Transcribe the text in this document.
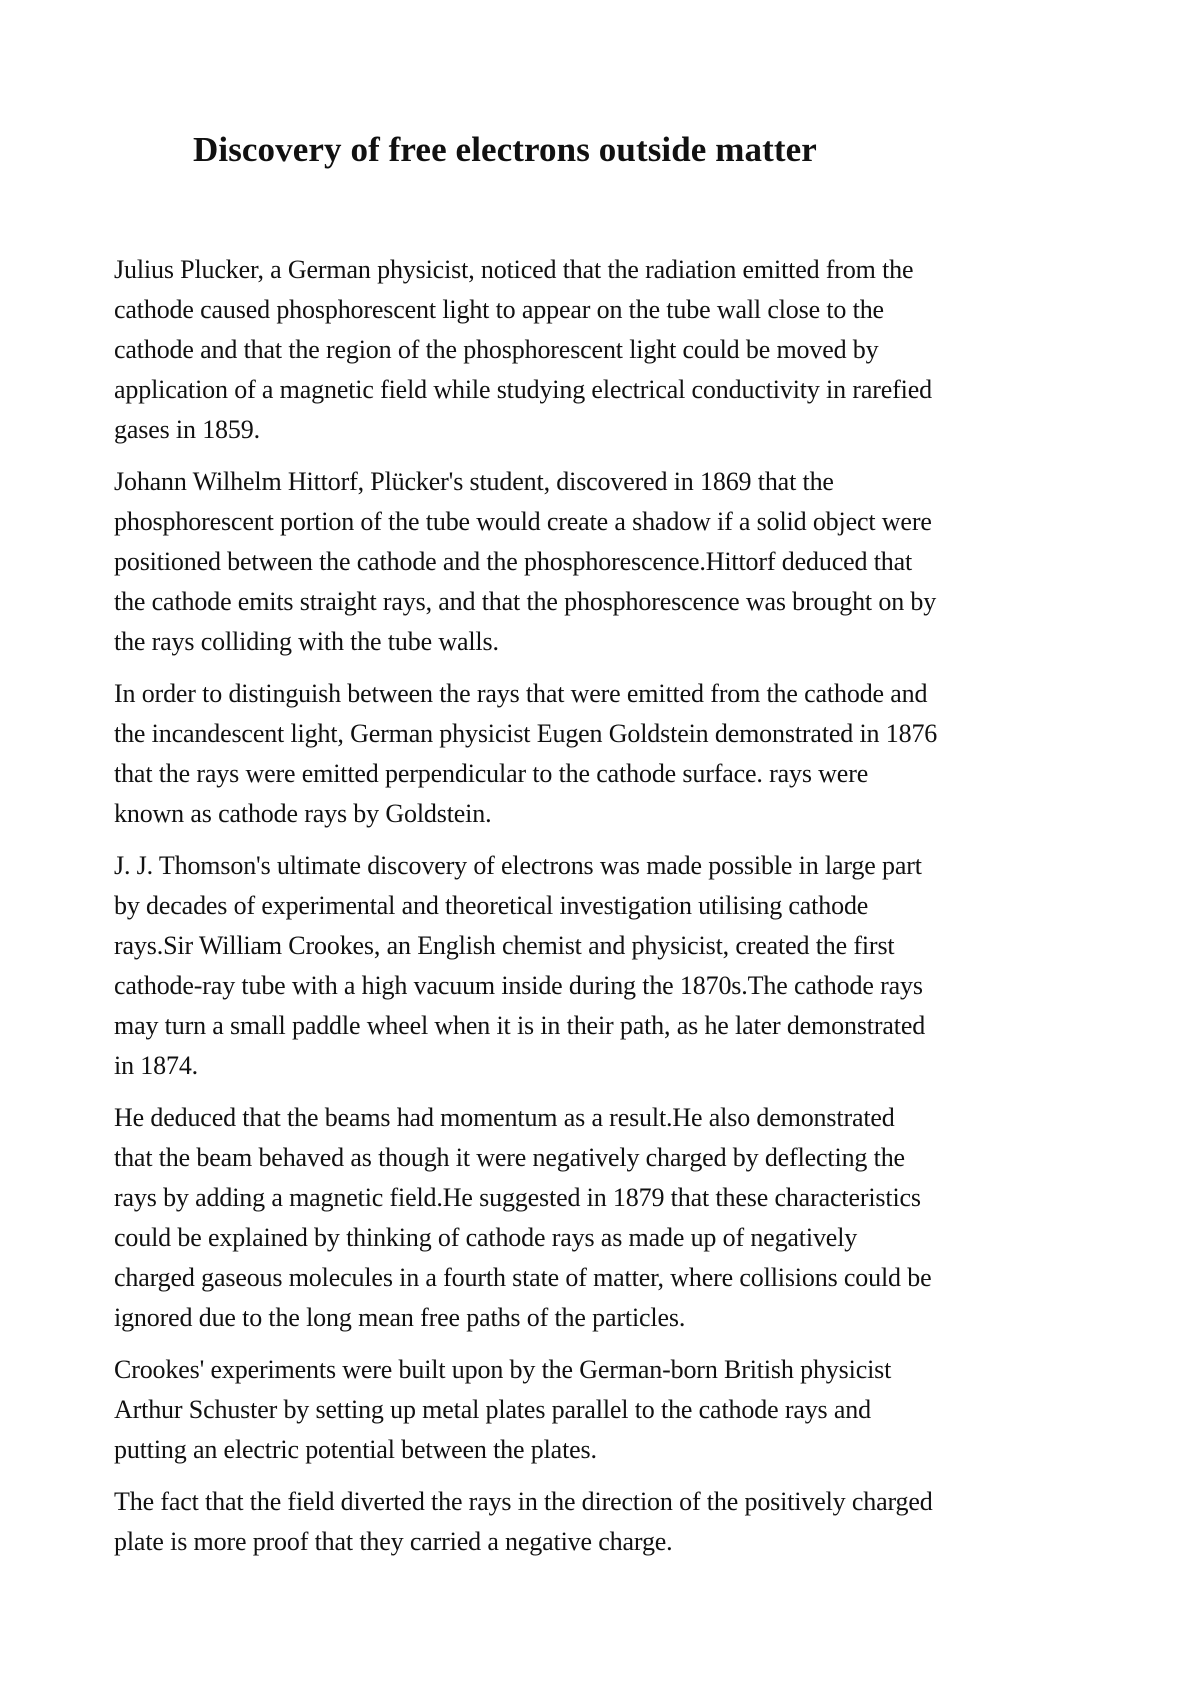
Discovery of free electrons outside matter

Julius Plucker, a German physicist, noticed that the radiation emitted from the
cathode caused phosphorescent light to appear on the tube wall close to the
cathode and that the region of the phosphorescent light could be moved by
application of a magnetic field while studying electrical conductivity in rarefied
gases in 1859.

Johann Wilhelm Hittorf, Plücker's student, discovered in 1869 that the
phosphorescent portion of the tube would create a shadow if a solid object were
positioned between the cathode and the phosphorescence.Hittorf deduced that
the cathode emits straight rays, and that the phosphorescence was brought on by
the rays colliding with the tube walls.

In order to distinguish between the rays that were emitted from the cathode and
the incandescent light, German physicist Eugen Goldstein demonstrated in 1876
that the rays were emitted perpendicular to the cathode surface. rays were
known as cathode rays by Goldstein.

J. J. Thomson's ultimate discovery of electrons was made possible in large part
by decades of experimental and theoretical investigation utilising cathode
rays.Sir William Crookes, an English chemist and physicist, created the first
cathode-ray tube with a high vacuum inside during the 1870s.The cathode rays
may turn a small paddle wheel when it is in their path, as he later demonstrated
in 1874.

He deduced that the beams had momentum as a result.He also demonstrated
that the beam behaved as though it were negatively charged by deflecting the
rays by adding a magnetic field.He suggested in 1879 that these characteristics
could be explained by thinking of cathode rays as made up of negatively
charged gaseous molecules in a fourth state of matter, where collisions could be
ignored due to the long mean free paths of the particles.

Crookes' experiments were built upon by the German-born British physicist
Arthur Schuster by setting up metal plates parallel to the cathode rays and
putting an electric potential between the plates.

The fact that the field diverted the rays in the direction of the positively charged
plate is more proof that they carried a negative charge.
